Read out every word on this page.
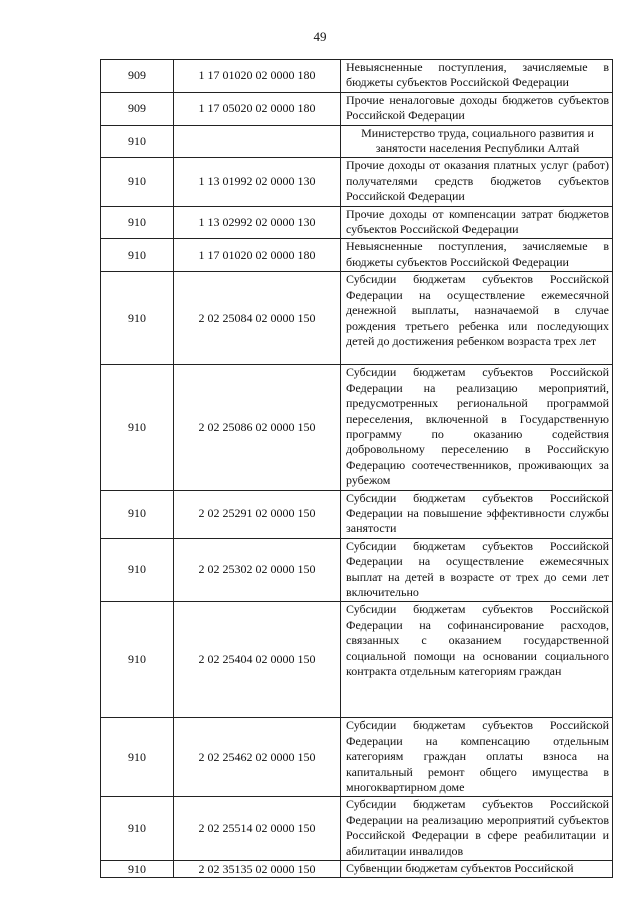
49
909	1 17 01020 02 0000 180	Невыясненные поступления, зачисляемые в бюджеты субъектов Российской Федерации
909	1 17 05020 02 0000 180	Прочие неналоговые доходы бюджетов субъектов Российской Федерации
910		Министерство труда, социального развития и занятости населения Республики Алтай
910	1 13 01992 02 0000 130	Прочие доходы от оказания платных услуг (работ) получателями средств бюджетов субъектов Российской Федерации
910	1 13 02992 02 0000 130	Прочие доходы от компенсации затрат бюджетов субъектов Российской Федерации
910	1 17 01020 02 0000 180	Невыясненные поступления, зачисляемые в бюджеты субъектов Российской Федерации
910	2 02 25084 02 0000 150	Субсидии бюджетам субъектов Российской Федерации на осуществление ежемесячной денежной выплаты, назначаемой в случае рождения третьего ребенка или последующих детей до достижения ребенком возраста трех лет
910	2 02 25086 02 0000 150	Субсидии бюджетам субъектов Российской Федерации на реализацию мероприятий, предусмотренных региональной программой переселения, включенной в Государственную программу по оказанию содействия добровольному переселению в Российскую Федерацию соотечественников, проживающих за рубежом
910	2 02 25291 02 0000 150	Субсидии бюджетам субъектов Российской Федерации на повышение эффективности службы занятости
910	2 02 25302 02 0000 150	Субсидии бюджетам субъектов Российской Федерации на осуществление ежемесячных выплат на детей в возрасте от трех до семи лет включительно
910	2 02 25404 02 0000 150	Субсидии бюджетам субъектов Российской Федерации на софинансирование расходов, связанных с оказанием государственной социальной помощи на основании социального контракта отдельным категориям граждан
910	2 02 25462 02 0000 150	Субсидии бюджетам субъектов Российской Федерации на компенсацию отдельным категориям граждан оплаты взноса на капитальный ремонт общего имущества в многоквартирном доме
910	2 02 25514 02 0000 150	Субсидии бюджетам субъектов Российской Федерации на реализацию мероприятий субъектов Российской Федерации в сфере реабилитации и абилитации инвалидов
910	2 02 35135 02 0000 150	Субвенции бюджетам субъектов Российской
